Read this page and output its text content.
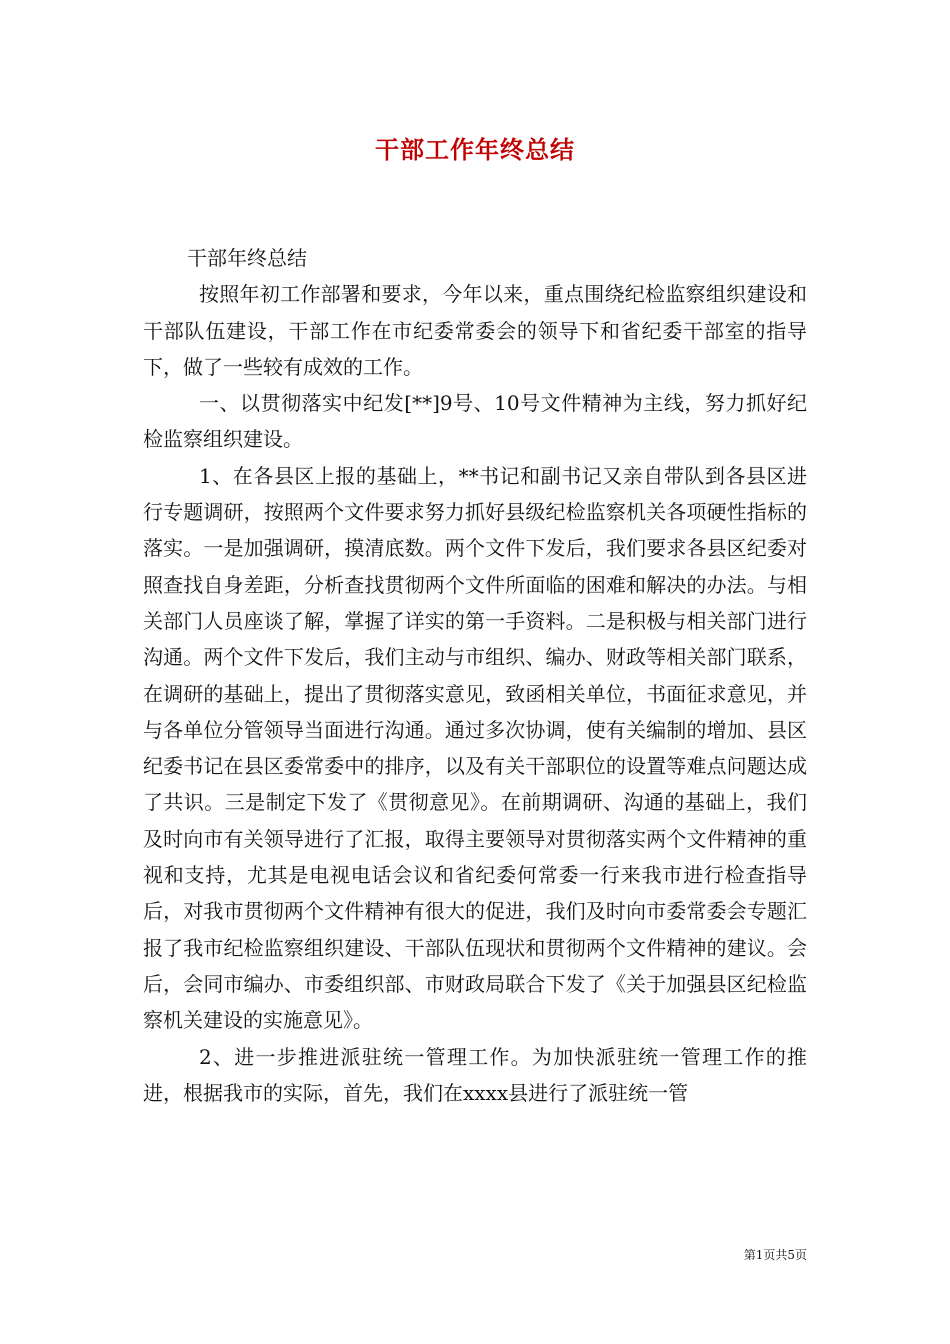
干部工作年终总结

干部年终总结

按照年初工作部署和要求，今年以来，重点围绕纪检监察组织建设和干部队伍建设，干部工作在市纪委常委会的领导下和省纪委干部室的指导下，做了一些较有成效的工作。

一、以贯彻落实中纪发[**]9号、10号文件精神为主线，努力抓好纪检监察组织建设。

1、在各县区上报的基础上，**书记和副书记又亲自带队到各县区进行专题调研，按照两个文件要求努力抓好县级纪检监察机关各项硬性指标的落实。一是加强调研，摸清底数。两个文件下发后，我们要求各县区纪委对照查找自身差距，分析查找贯彻两个文件所面临的困难和解决的办法。与相关部门人员座谈了解，掌握了详实的第一手资料。二是积极与相关部门进行沟通。两个文件下发后，我们主动与市组织、编办、财政等相关部门联系，在调研的基础上，提出了贯彻落实意见，致函相关单位，书面征求意见，并与各单位分管领导当面进行沟通。通过多次协调，使有关编制的增加、县区纪委书记在县区委常委中的排序，以及有关干部职位的设置等难点问题达成了共识。三是制定下发了《贯彻意见》。在前期调研、沟通的基础上，我们及时向市有关领导进行了汇报，取得主要领导对贯彻落实两个文件精神的重视和支持，尤其是电视电话会议和省纪委何常委一行来我市进行检查指导后，对我市贯彻两个文件精神有很大的促进，我们及时向市委常委会专题汇报了我市纪检监察组织建设、干部队伍现状和贯彻两个文件精神的建议。会后，会同市编办、市委组织部、市财政局联合下发了《关于加强县区纪检监察机关建设的实施意见》。

2、进一步推进派驻统一管理工作。为加快派驻统一管理工作的推进，根据我市的实际，首先，我们在xxxx县进行了派驻统一管

第1页共5页
